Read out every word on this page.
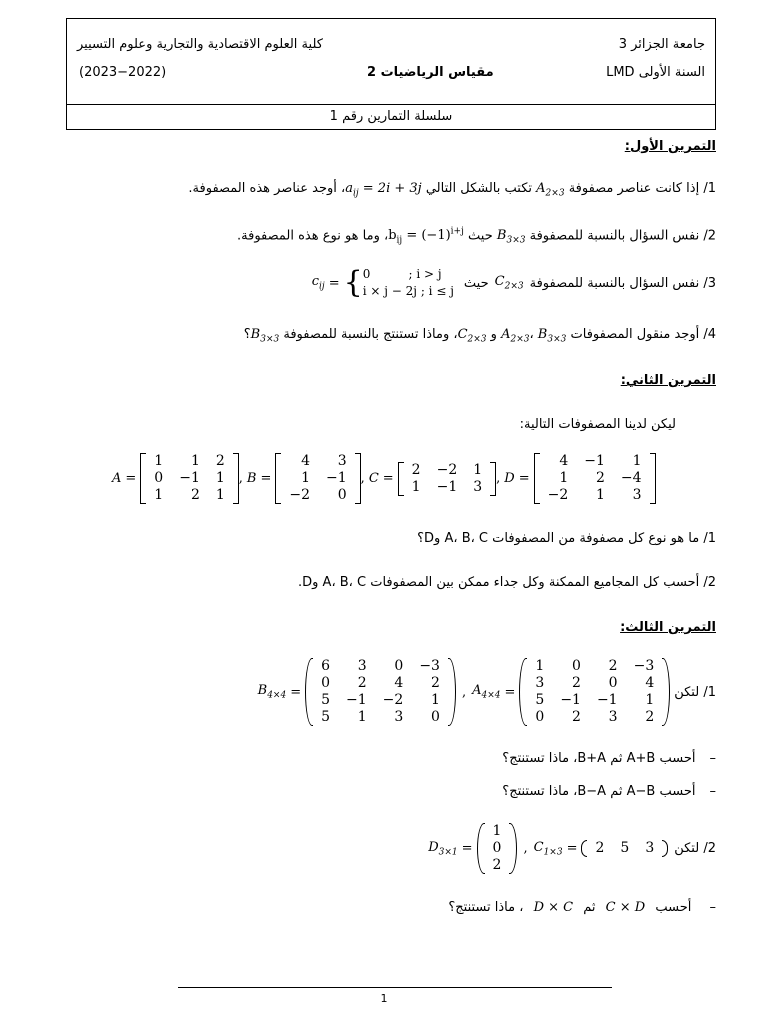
جامعة الجزائر 3
كلية العلوم الاقتصادية والتجارية وعلوم التسيير
السنة الأولى LMD
مقياس الرياضيات 2
(2023−2022)
سلسلة التمارين رقم 1
التمرين الأول:
1/ إذا كانت عناصر مصفوفة $A_{2\times 3}$ تكتب بالشكل التالي $a_{ij} = 2i$ + 3j، أوجد عناصر هذه المصفوفة.
2/ نفس السؤال بالنسبة للمصفوفة $B_{3\times 3}$ حيث $b_{ij}$ = $(-1)^{i+j}،$ وما هو نوع هذه المصفوفة.
3/ نفس السؤال بالنسبة للمصفوفة
$C_{2\times 3}$
حيث
$c_{ij}$ = { 0          ; i > j
i × j − 2j ; i ≤ j
4/ أوجد منقول المصفوفات $A_{2\times 3}،$ $B_{3\times 3}$ و $C_{2\times 3}،$ وماذا تستنتج بالنسبة للمصفوفة $B_{3\times 3}؟$
التمرين الثاني:
ليكن لدينا المصفوفات التالية:
A =
1	1	2
0	−1	1
1	2	1
, B =
4	3
1	−1
−2	0
, C =
2	−2	1
1	−1	3 , D =
4	−1	1
1	2	−4
−2	1	3
1/ ما هو نوع كل مصفوفة من المصفوفات A، B، C وD؟
2/ أحسب كل المجاميع الممكنة وكل جداء ممكن بين المصفوفات A، B، C وD.
التمرين الثالث:
1/ لتكن
$B_{4\times 4}$ =
6	3	0	−3
0	2	4	2
5	−1	−2	1
5	1	3	0
, $A_{4\times 4}$ =
1	0	2	−3
3	2	0	4
5	−1	−1	1
0	2	3	2
–أحسب A+B ثم B+A، ماذا تستنتج؟
–أحسب A−B ثم B−A، ماذا تستنتج؟
2/ لتكن
$D_{3\times 1}$ =
1
0
2
, $C_{1\times 3} = 2$	5	3
– أحسب C × D ثم D × C ، ماذا تستنتج؟
1
